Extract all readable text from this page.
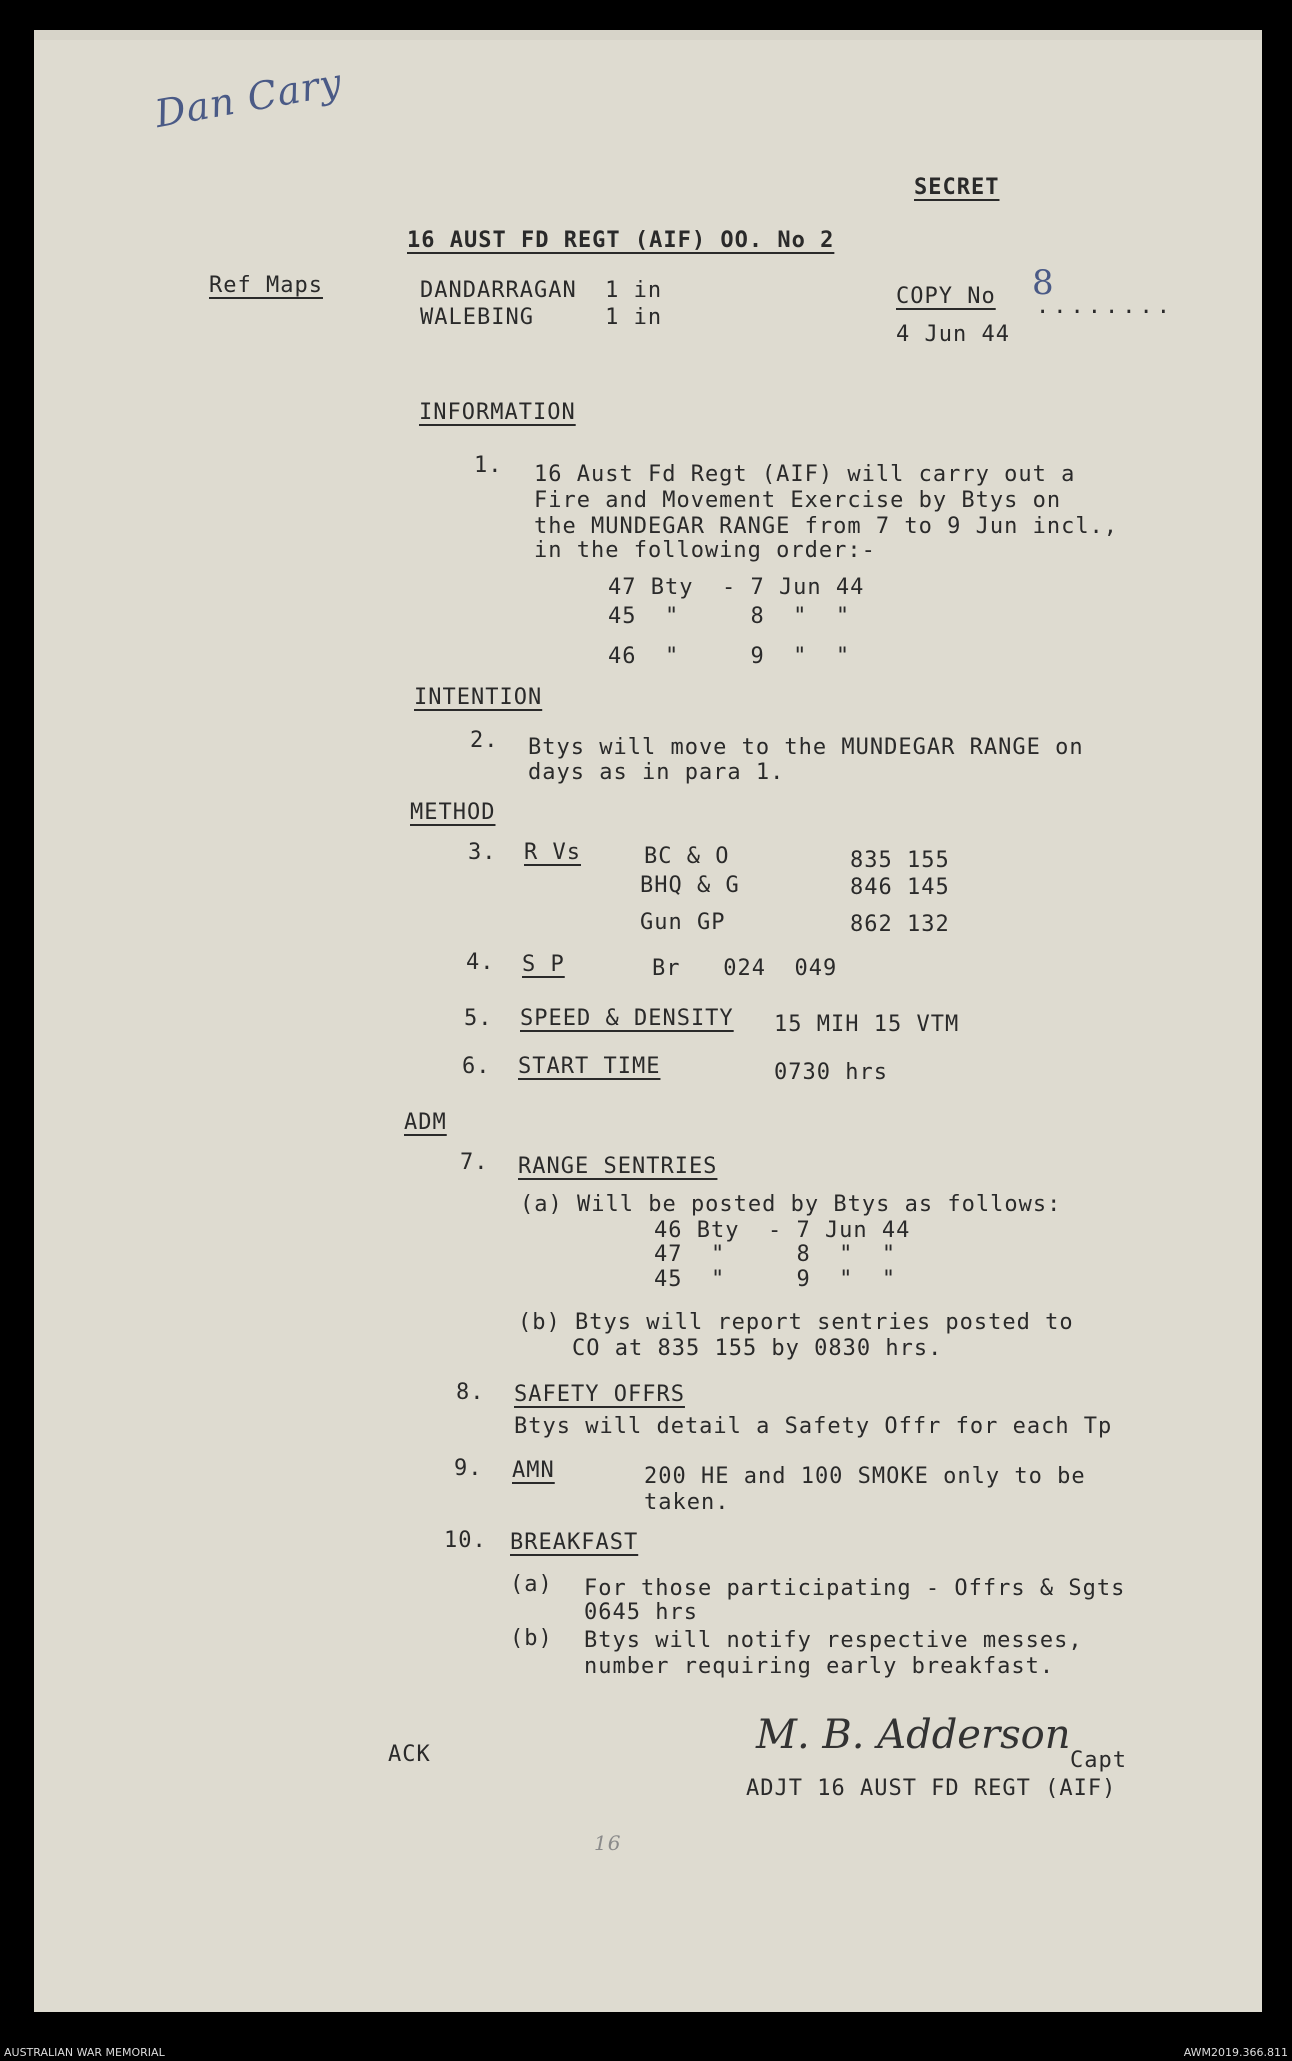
Dan Cary
SECRET
16 AUST FD REGT (AIF) OO. No 2
Ref Maps	DANDARRAGAN  1 in
WALEBING     1 in
COPY No 8
........
4 Jun 44
INFORMATION
1. 16 Aust Fd Regt (AIF) will carry out a
Fire and Movement Exercise by Btys on
the MUNDEGAR RANGE from 7 to 9 Jun incl.,
in the following order:-
47 Bty  - 7 Jun 44
45  "     8  "  "
46  "     9  "  "
INTENTION
2. Btys will move to the MUNDEGAR RANGE on
days as in para 1.
METHOD
3. R Vs	BC & O	835 155
BHQ & G	846 145
Gun GP	862 132
4. S P	Br   024  049
5. SPEED & DENSITY 15 MIH 15 VTM
6. START TIME	0730 hrs
ADM
7. RANGE SENTRIES
(a) Will be posted by Btys as follows:
46 Bty  - 7 Jun 44
47  "     8  "  "
45  "     9  "  "
(b) Btys will report sentries posted to
CO at 835 155 by 0830 hrs.
8. SAFETY OFFRS
Btys will detail a Safety Offr for each Tp
9. AMN	200 HE and 100 SMOKE only to be
taken.
10. BREAKFAST
(a) For those participating - Offrs & Sgts
0645 hrs
(b) Btys will notify respective messes,
number requiring early breakfast.
ACK	M. B. Adderson
Capt
ADJT 16 AUST FD REGT (AIF)
16
AUSTRALIAN WAR MEMORIAL	AWM2019.366.811
